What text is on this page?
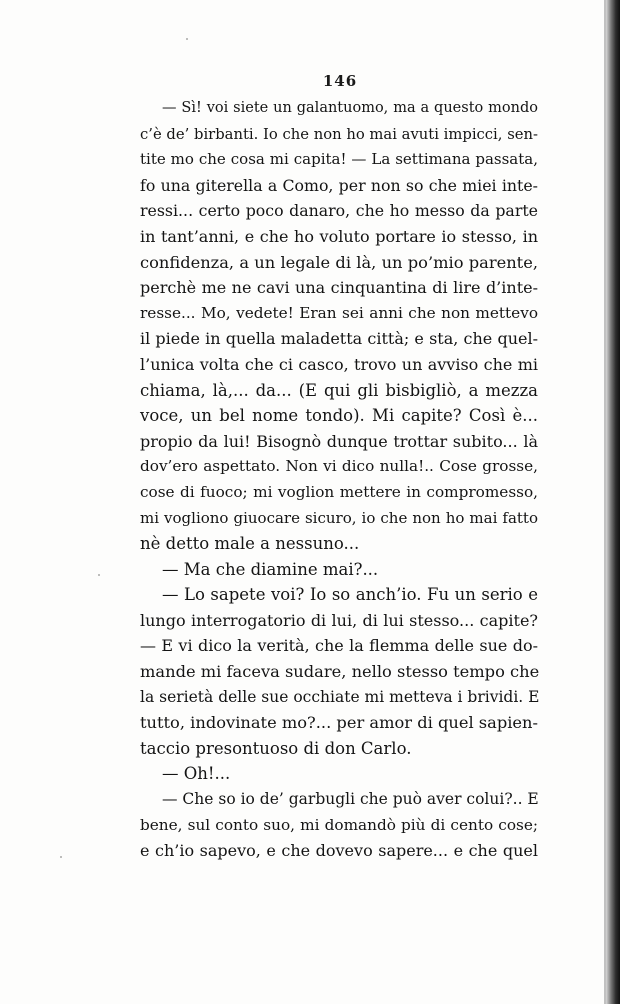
146
— Sì! voi siete un galantuomo, ma a questo mondo
c’è de’ birbanti. Io che non ho mai avuti impicci, sen-
tite mo che cosa mi capita! — La settimana passata,
fo una giterella a Como, per non so che miei inte-
ressi... certo poco danaro, che ho messo da parte
in tant’anni, e che ho voluto portare io stesso, in
confidenza, a un legale di là, un po’mio parente,
perchè me ne cavi una cinquantina di lire d’inte-
resse... Mo, vedete! Eran sei anni che non mettevo
il piede in quella maladetta città; e sta, che quel-
l’unica volta che ci casco, trovo un avviso che mi
chiama, là,... da... (E qui gli bisbigliò, a mezza
voce, un bel nome tondo). Mi capite? Così è...
propio da lui! Bisognò dunque trottar subito... là
dov’ero aspettato. Non vi dico nulla!.. Cose grosse,
cose di fuoco; mi voglion mettere in compromesso,
mi vogliono giuocare sicuro, io che non ho mai fatto
nè detto male a nessuno...
— Ma che diamine mai?...
— Lo sapete voi? Io so anch’io. Fu un serio e
lungo interrogatorio di lui, di lui stesso... capite?
— E vi dico la verità, che la flemma delle sue do-
mande mi faceva sudare, nello stesso tempo che
la serietà delle sue occhiate mi metteva i brividi. E
tutto, indovinate mo?... per amor di quel sapien-
taccio presontuoso di don Carlo.
— Oh!...
— Che so io de’ garbugli che può aver colui?.. E
bene, sul conto suo, mi domandò più di cento cose;
e ch’io sapevo, e che dovevo sapere... e che quel
